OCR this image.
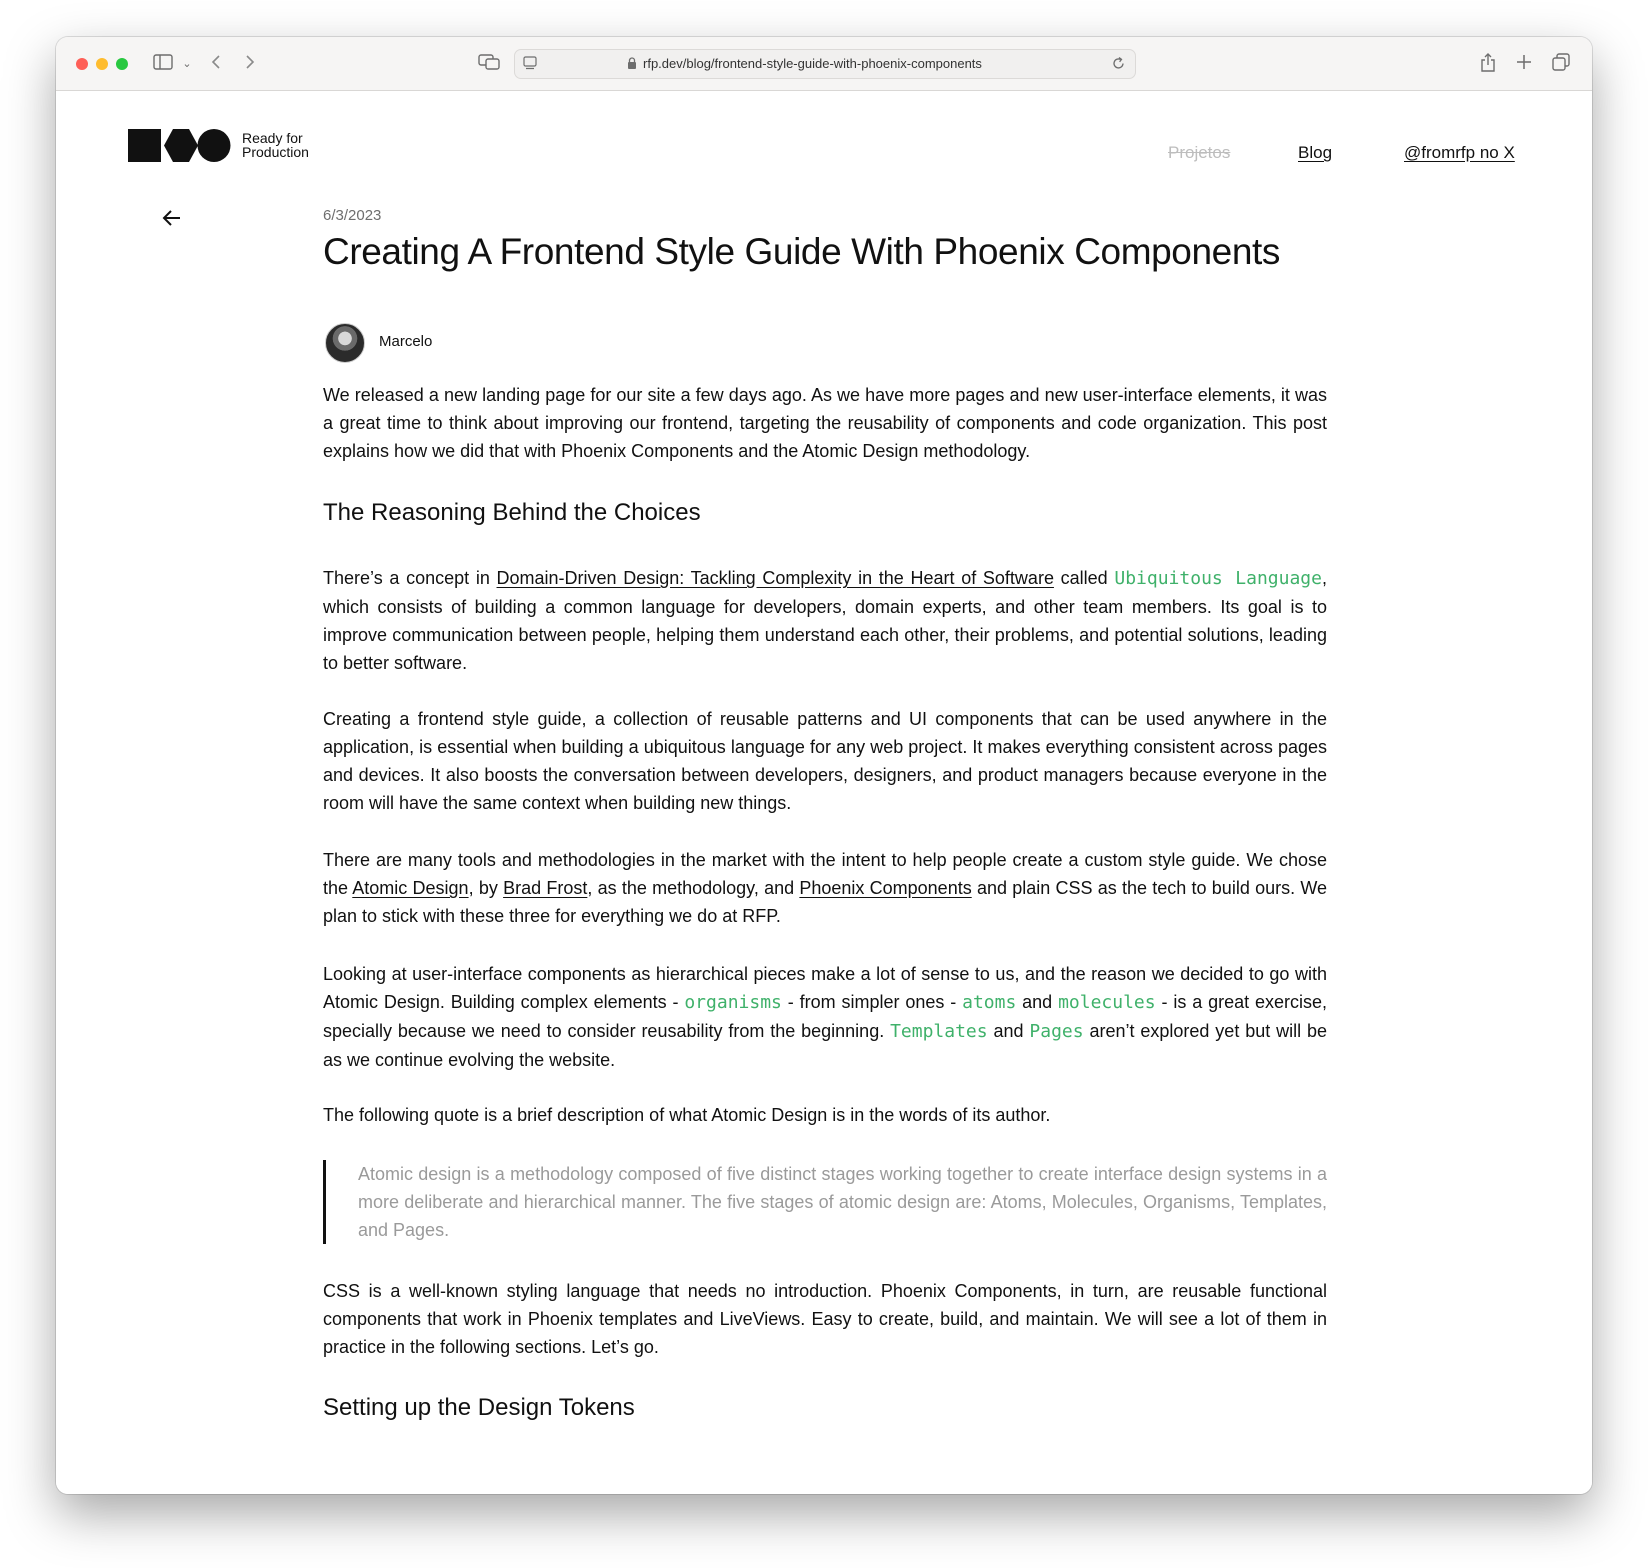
⌄	rfp.dev/blog/frontend-style-guide-with-phoenix-components
Ready for
Production	Projetos	Blog	@fromrfp no X
6/3/2023
Creating A Frontend Style Guide With Phoenix Components
Marcelo

We released a new landing page for our site a few days ago. As we have more pages and new user-interface elements, it was a great time to think about improving our frontend, targeting the reusability of components and code organization. This post explains how we did that with Phoenix Components and the Atomic Design methodology.

The Reasoning Behind the Choices

There’s a concept in Domain-Driven Design: Tackling Complexity in the Heart of Software called Ubiquitous Language, which consists of building a common language for developers, domain experts, and other team members. Its goal is to improve communication between people, helping them understand each other, their problems, and potential solutions, leading to better software.

Creating a frontend style guide, a collection of reusable patterns and UI components that can be used anywhere in the application, is essential when building a ubiquitous language for any web project. It makes everything consistent across pages and devices. It also boosts the conversation between developers, designers, and product managers because everyone in the room will have the same context when building new things.

There are many tools and methodologies in the market with the intent to help people create a custom style guide. We chose the Atomic Design, by Brad Frost, as the methodology, and Phoenix Components and plain CSS as the tech to build ours. We plan to stick with these three for everything we do at RFP.

Looking at user-interface components as hierarchical pieces make a lot of sense to us, and the reason we decided to go with Atomic Design. Building complex elements - organisms - from simpler ones - atoms and molecules - is a great exercise, specially because we need to consider reusability from the beginning. Templates and Pages aren’t explored yet but will be as we continue evolving the website.

The following quote is a brief description of what Atomic Design is in the words of its author.

Atomic design is a methodology composed of five distinct stages working together to create interface design systems in a more deliberate and hierarchical manner. The five stages of atomic design are: Atoms, Molecules, Organisms, Templates, and Pages.

CSS is a well-known styling language that needs no introduction. Phoenix Components, in turn, are reusable functional components that work in Phoenix templates and LiveViews. Easy to create, build, and maintain. We will see a lot of them in practice in the following sections. Let’s go.

Setting up the Design Tokens
